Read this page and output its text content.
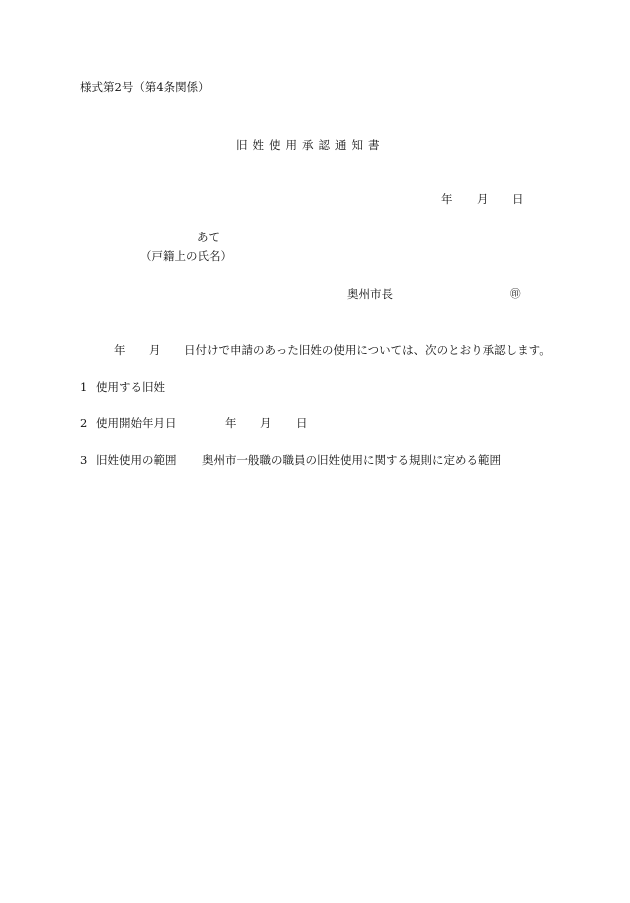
様式第2号（第4条関係）
旧姓使用承認通知書
年 月 日
あて
（戸籍上の氏名）
奥州市長	㊞
年 月 日付けで申請のあった旧姓の使用については、次のとおり承認します。
1 使用する旧姓
2 使用開始年月日	年 月 日
3 旧姓使用の範囲 奥州市一般職の職員の旧姓使用に関する規則に定める範囲
